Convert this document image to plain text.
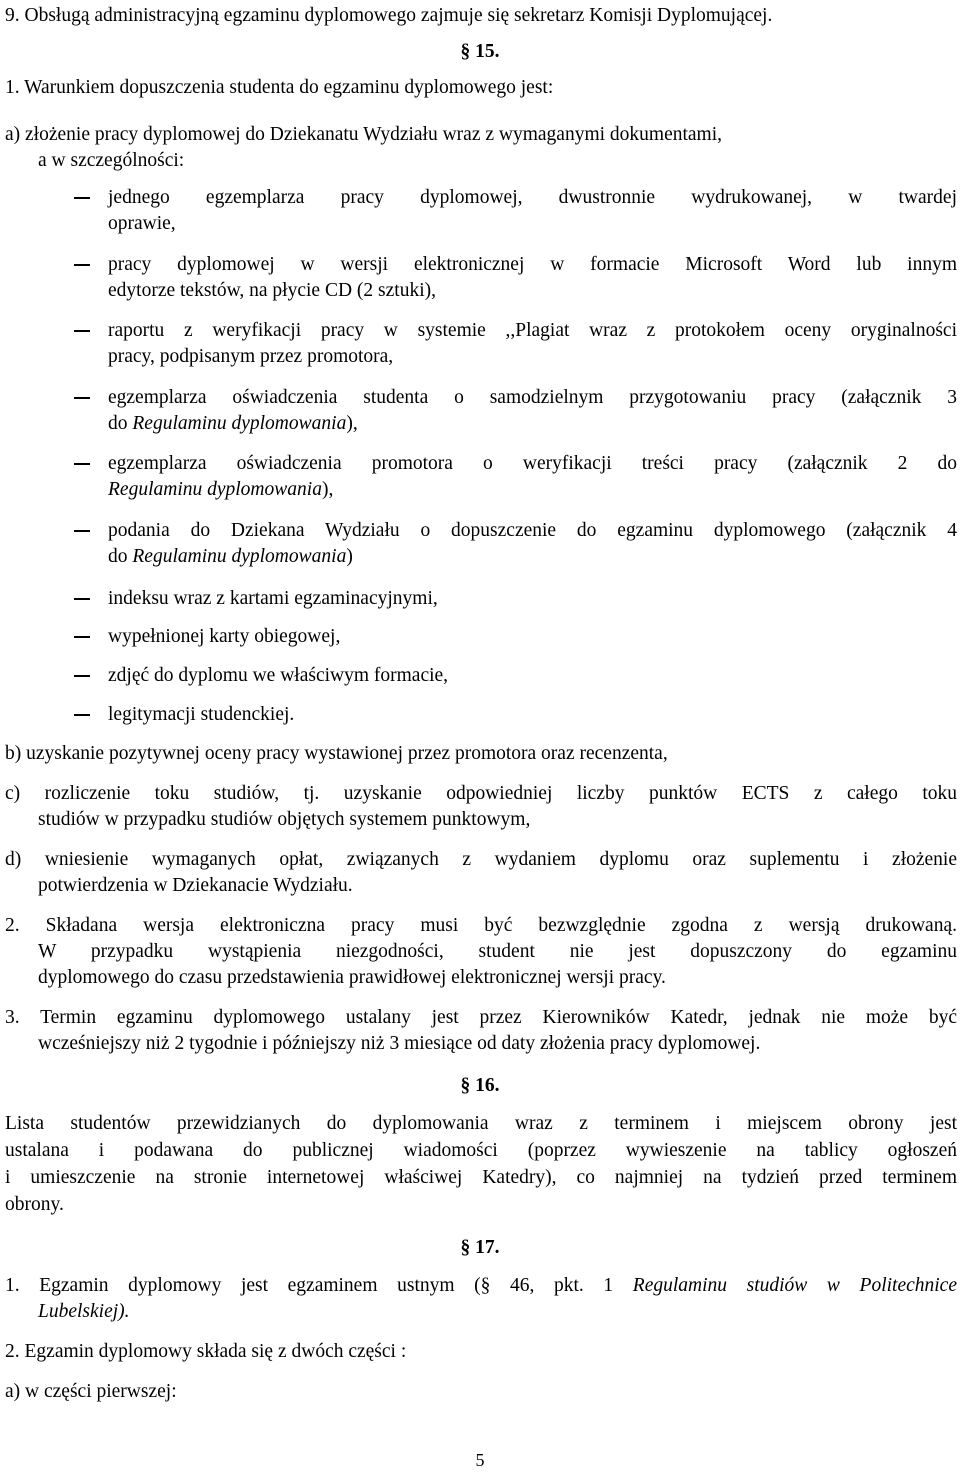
9. Obsługą administracyjną egzaminu dyplomowego zajmuje się sekretarz Komisji Dyplomującej.
§ 15.
1. Warunkiem dopuszczenia studenta do egzaminu dyplomowego jest:
a) złożenie pracy dyplomowej do Dziekanatu Wydziału wraz z wymaganymi dokumentami,
a w szczególności:
jednego egzemplarza pracy dyplomowej, dwustronnie wydrukowanej, w twardej
oprawie,
pracy dyplomowej w wersji elektronicznej w formacie Microsoft Word lub innym
edytorze tekstów, na płycie CD (2 sztuki),
raportu z weryfikacji pracy w systemie ,,Plagiat wraz z protokołem oceny oryginalności
pracy, podpisanym przez promotora,
egzemplarza oświadczenia studenta o samodzielnym przygotowaniu pracy (załącznik 3
do Regulaminu dyplomowania),
egzemplarza oświadczenia promotora o weryfikacji treści pracy (załącznik 2 do
Regulaminu dyplomowania),
podania do Dziekana Wydziału o dopuszczenie do egzaminu dyplomowego (załącznik 4
do Regulaminu dyplomowania)
indeksu wraz z kartami egzaminacyjnymi,
wypełnionej karty obiegowej,
zdjęć do dyplomu we właściwym formacie,
legitymacji studenckiej.
b) uzyskanie pozytywnej oceny pracy wystawionej przez promotora oraz recenzenta,
c) rozliczenie toku studiów, tj. uzyskanie odpowiedniej liczby punktów ECTS z całego toku
studiów w przypadku studiów objętych systemem punktowym,
d) wniesienie wymaganych opłat, związanych z wydaniem dyplomu oraz suplementu i złożenie
potwierdzenia w Dziekanacie Wydziału.
2. Składana wersja elektroniczna pracy musi być bezwzględnie zgodna z wersją drukowaną.
W przypadku wystąpienia niezgodności, student nie jest dopuszczony do egzaminu
dyplomowego do czasu przedstawienia prawidłowej elektronicznej wersji pracy.
3. Termin egzaminu dyplomowego ustalany jest przez Kierowników Katedr, jednak nie może być
wcześniejszy niż 2 tygodnie i późniejszy niż 3 miesiące od daty złożenia pracy dyplomowej.
§ 16.
Lista studentów przewidzianych do dyplomowania wraz z terminem i miejscem obrony jest
ustalana i podawana do publicznej wiadomości (poprzez wywieszenie na tablicy ogłoszeń
i umieszczenie na stronie internetowej właściwej Katedry), co najmniej na tydzień przed terminem
obrony.
§ 17.
1. Egzamin dyplomowy jest egzaminem ustnym (§ 46, pkt. 1 Regulaminu studiów w Politechnice
Lubelskiej).
2. Egzamin dyplomowy składa się z dwóch części :
a) w części pierwszej:
5
